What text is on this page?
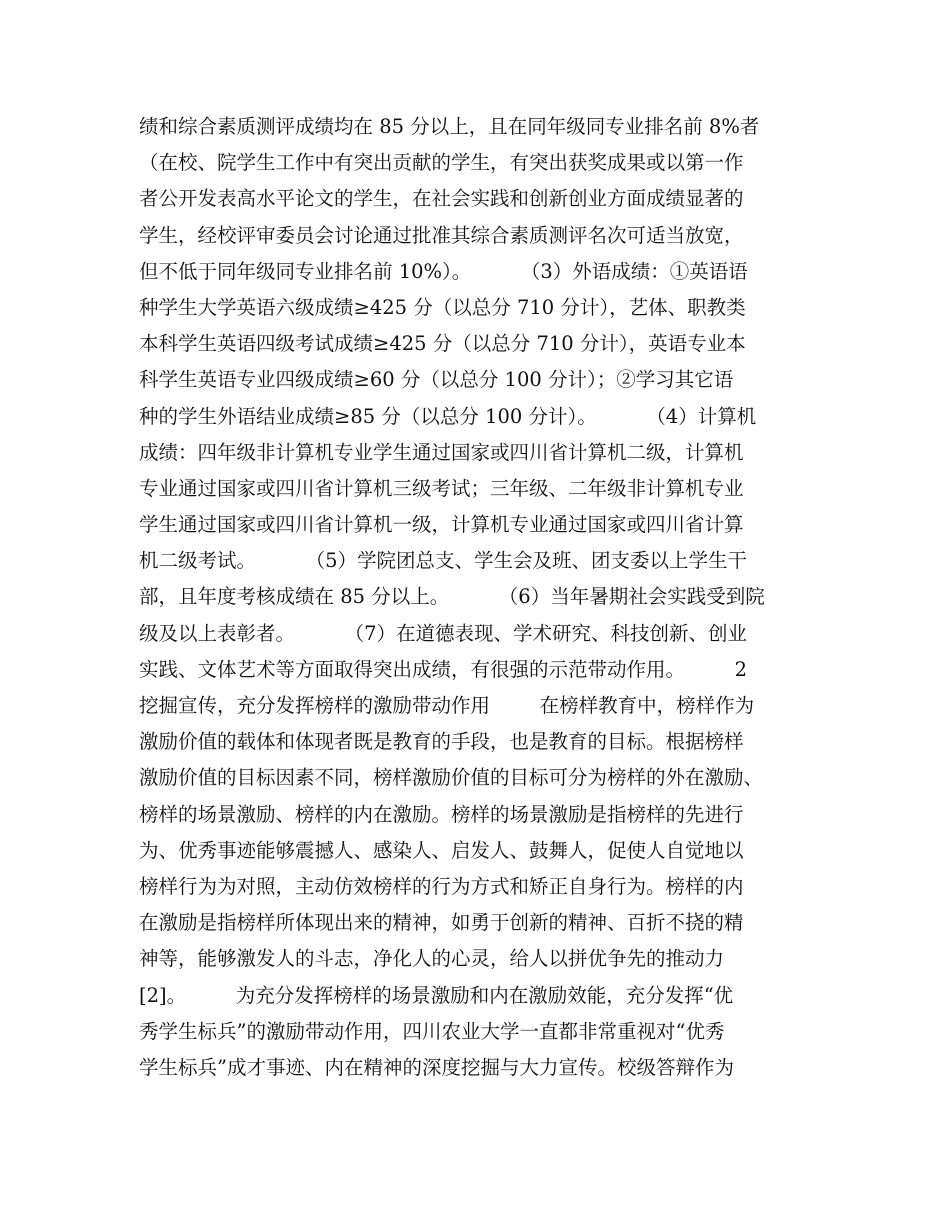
绩和综合素质测评成绩均在 85 分以上，且在同年级同专业排名前 8%者
（在校、院学生工作中有突出贡献的学生，有突出获奖成果或以第一作
者公开发表高水平论文的学生，在社会实践和创新创业方面成绩显著的
学生，经校评审委员会讨论通过批准其综合素质测评名次可适当放宽，
但不低于同年级同专业排名前 10%）。        （3）外语成绩：①英语语
种学生大学英语六级成绩≥425 分（以总分 710 分计），艺体、职教类
本科学生英语四级考试成绩≥425 分（以总分 710 分计），英语专业本
科学生英语专业四级成绩≥60 分（以总分 100 分计）；②学习其它语
种的学生外语结业成绩≥85 分（以总分 100 分计）。        （4）计算机
成绩：四年级非计算机专业学生通过国家或四川省计算机二级，计算机
专业通过国家或四川省计算机三级考试；三年级、二年级非计算机专业
学生通过国家或四川省计算机一级，计算机专业通过国家或四川省计算
机二级考试。        （5）学院团总支、学生会及班、团支委以上学生干
部，且年度考核成绩在 85 分以上。        （6）当年暑期社会实践受到院
级及以上表彰者。        （7）在道德表现、学术研究、科技创新、创业
实践、文体艺术等方面取得突出成绩，有很强的示范带动作用。        2
挖掘宣传，充分发挥榜样的激励带动作用        在榜样教育中，榜样作为
激励价值的载体和体现者既是教育的手段，也是教育的目标。根据榜样
激励价值的目标因素不同，榜样激励价值的目标可分为榜样的外在激励、
榜样的场景激励、榜样的内在激励。榜样的场景激励是指榜样的先进行
为、优秀事迹能够震撼人、感染人、启发人、鼓舞人，促使人自觉地以
榜样行为为对照，主动仿效榜样的行为方式和矫正自身行为。榜样的内
在激励是指榜样所体现出来的精神，如勇于创新的精神、百折不挠的精
神等，能够激发人的斗志，净化人的心灵，给人以拼优争先的推动力
[2]。        为充分发挥榜样的场景激励和内在激励效能，充分发挥“优
秀学生标兵”的激励带动作用，四川农业大学一直都非常重视对“优秀
学生标兵”成才事迹、内在精神的深度挖掘与大力宣传。校级答辩作为
